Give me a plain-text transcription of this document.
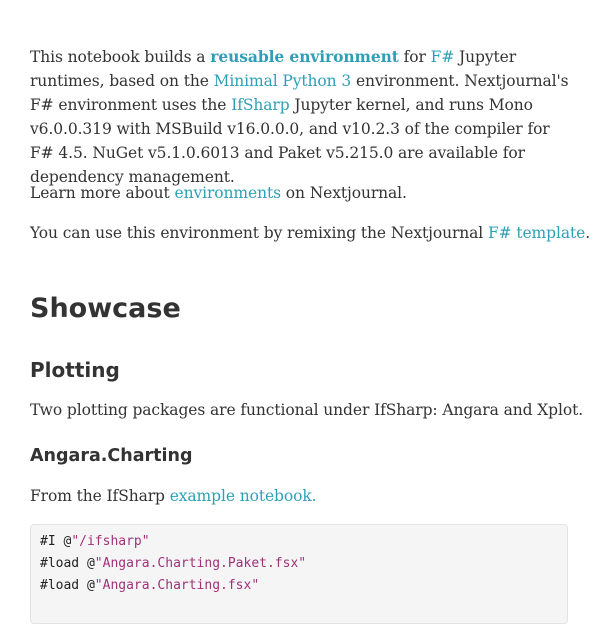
This notebook builds a reusable environment for F# Jupyter runtimes, based on the Minimal Python 3 environment. Nextjournal's F# environment uses the IfSharp Jupyter kernel, and runs Mono v6.0.0.319 with MSBuild v16.0.0.0, and v10.2.3 of the compiler for F# 4.5. NuGet v5.1.0.6013 and Paket v5.215.0 are available for dependency management.

Learn more about environments on Nextjournal.

You can use this environment by remixing the Nextjournal F# template.

Showcase
Plotting

Two plotting packages are functional under IfSharp: Angara and Xplot.

Angara.Charting

From the IfSharp example notebook.

#I @"/ifsharp"
#load @"Angara.Charting.Paket.fsx"
#load @"Angara.Charting.fsx"
